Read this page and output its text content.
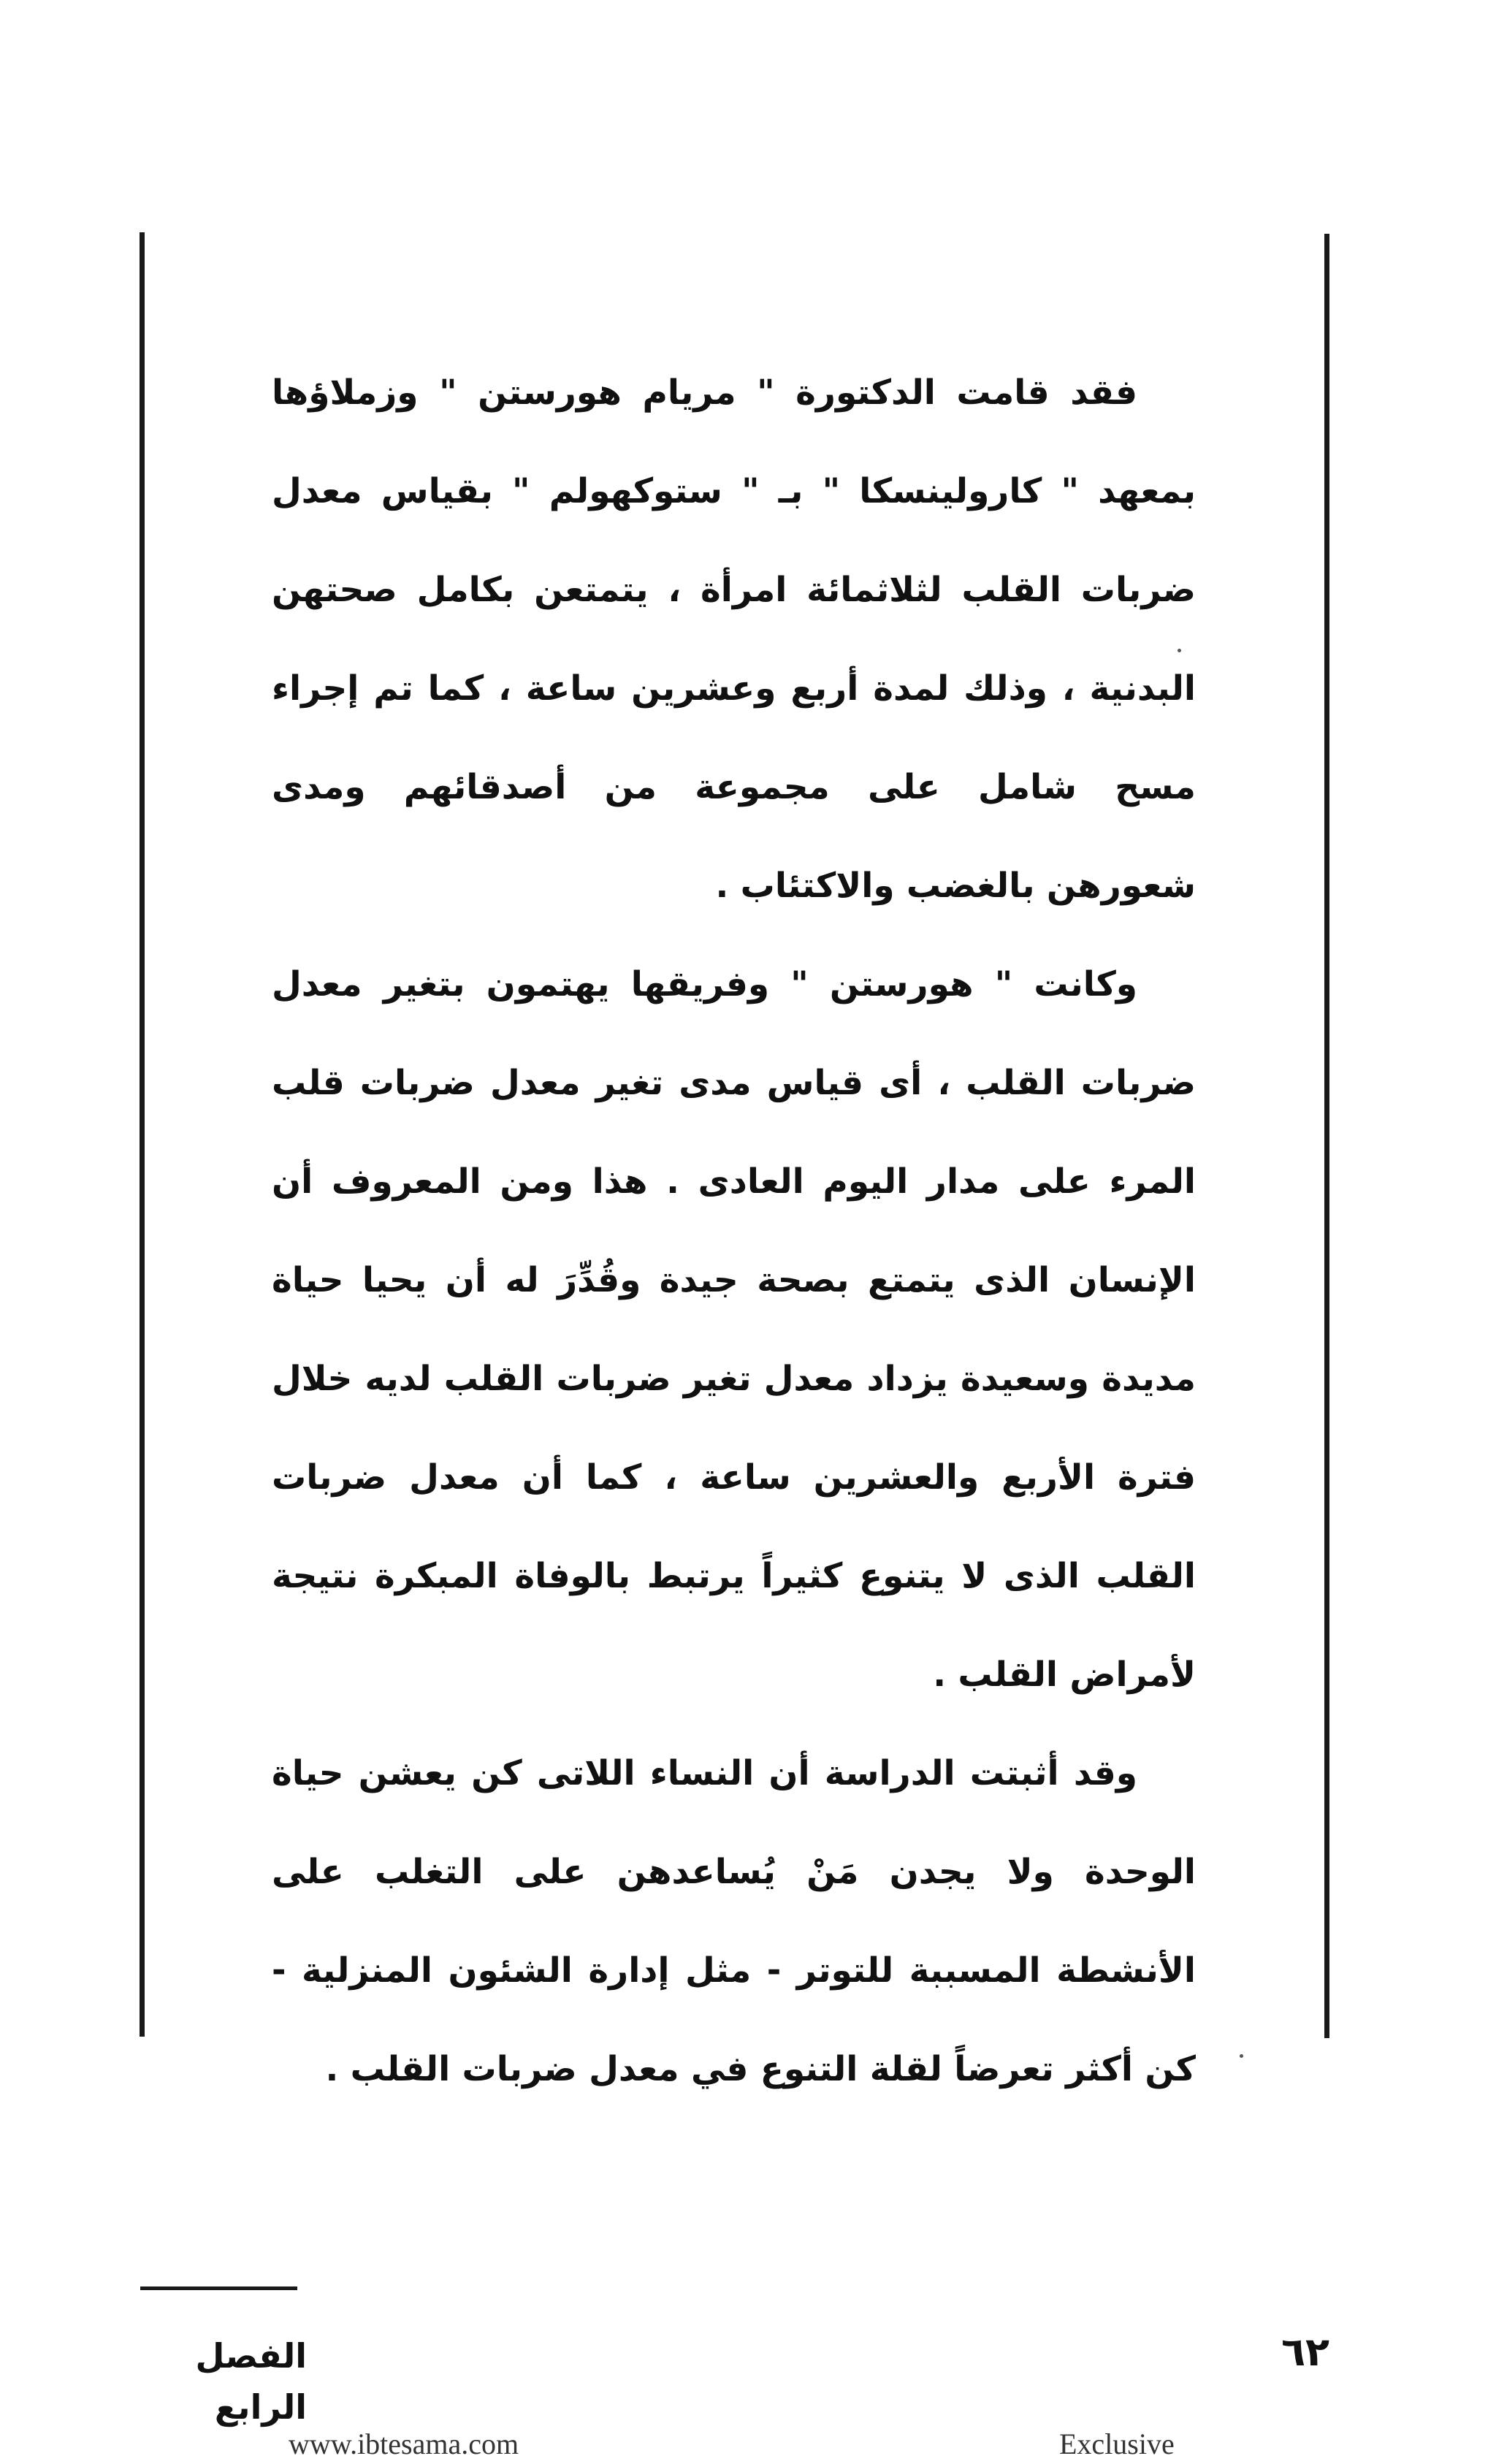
فقد قامت الدكتورة " مريام هورستن " وزملاؤها بمعهد " كارولينسكا " بـ " ستوكهولم " بقياس معدل ضربات القلب لثلاثمائة امرأة ، يتمتعن بكامل صحتهن البدنية ، وذلك لمدة أربع وعشرين ساعة ، كما تم إجراء مسح شامل على مجموعة من أصدقائهم ومدى شعورهن بالغضب والاكتئاب .

وكانت " هورستن " وفريقها يهتمون بتغير معدل ضربات القلب ، أى قياس مدى تغير معدل ضربات قلب المرء على مدار اليوم العادى . هذا ومن المعروف أن الإنسان الذى يتمتع بصحة جيدة وقُدِّرَ له أن يحيا حياة مديدة وسعيدة يزداد معدل تغير ضربات القلب لديه خلال فترة الأربع والعشرين ساعة ، كما أن معدل ضربات القلب الذى لا يتنوع كثيراً يرتبط بالوفاة المبكرة نتيجة لأمراض القلب .

وقد أثبتت الدراسة أن النساء اللاتى كن يعشن حياة الوحدة ولا يجدن مَنْ يُساعدهن على التغلب على الأنشطة المسببة للتوتر - مثل إدارة الشئون المنزلية - كن أكثر تعرضاً لقلة التنوع في معدل ضربات القلب .

الفصل الرابع
٦٢
www.ibtesama.com	Exclusive
